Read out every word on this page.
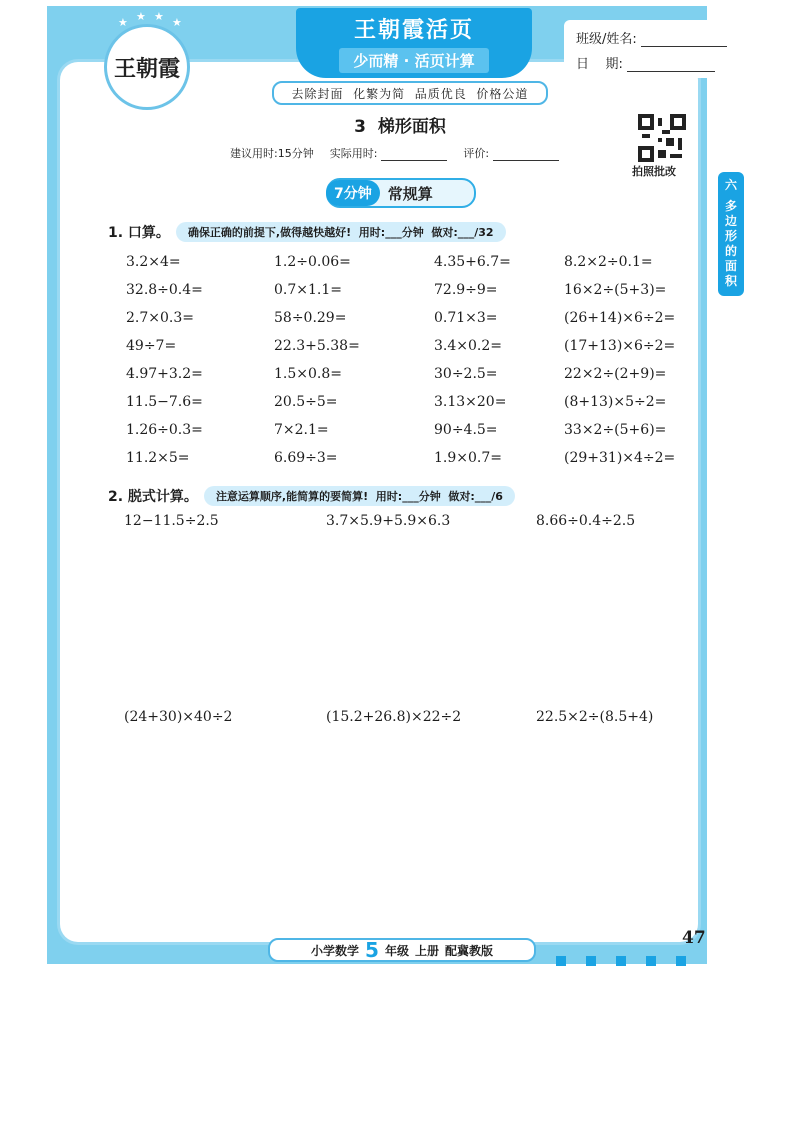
王朝霞
★ ★ ★ ★	王朝霞活页
少而精 · 活页计算
班级/姓名:
日    期:
去除封面  化繁为简  品质优良  价格公道
3  梯形面积
建议用时:15分钟 实际用时:	评价:
拍照批改
7分钟	常规算	六
多
边
形
的
面
积
1. 口算。	确保正确的前提下,做得越快越好!  用时:___分钟  做对:___/32
3.2×4=	1.2÷0.06=	4.35+6.7=	8.2×2÷0.1=
32.8÷0.4=	0.7×1.1=	72.9÷9=	16×2÷(5+3)=
2.7×0.3=	58÷0.29=	0.71×3=	(26+14)×6÷2=
49÷7=	22.3+5.38=	3.4×0.2=	(17+13)×6÷2=
4.97+3.2=	1.5×0.8=	30÷2.5=	22×2÷(2+9)=
11.5−7.6=	20.5÷5=	3.13×20=	(8+13)×5÷2=
1.26÷0.3=	7×2.1=	90÷4.5=	33×2÷(5+6)=
11.2×5=	6.69÷3=	1.9×0.7=	(29+31)×4÷2=
2. 脱式计算。	注意运算顺序,能简算的要简算!  用时:___分钟  做对:___/6
12−11.5÷2.5	3.7×5.9+5.9×6.3	8.66÷0.4÷2.5
(24+30)×40÷2	(15.2+26.8)×22÷2	22.5×2÷(8.5+4)
小学数学 5 年级 上册 配冀教版
47
